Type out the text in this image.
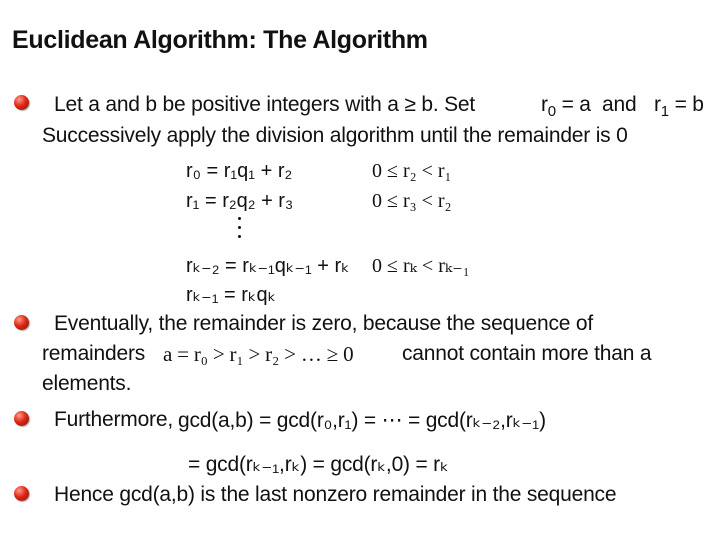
Euclidean Algorithm: The Algorithm
Let a and b be positive integers with a ≥ b. Set	$r_0 = a$ and $r_1 = b$
Successively apply the division algorithm until the remainder is 0
r₀ = r₁q₁ + r₂	0 ≤ r₂ < r₁
r₁ = r₂q₂ + r₃	0 ≤ r₃ < r₂
rₖ₋₂ = rₖ₋₁qₖ₋₁ + rₖ 0 ≤ rₖ < rₖ₋₁
rₖ₋₁ = rₖqₖ
Eventually, the remainder is zero, because the sequence of
remainders a = r₀ > r₁ > r₂ > … ≥ 0 cannot contain more than a
elements.
Furthermore, gcd(a,b) = gcd(r₀,r₁) = ⋯ = gcd(rₖ₋₂,rₖ₋₁)
= gcd(rₖ₋₁,rₖ) = gcd(rₖ,0) = rₖ
Hence gcd(a,b) is the last nonzero remainder in the sequence
